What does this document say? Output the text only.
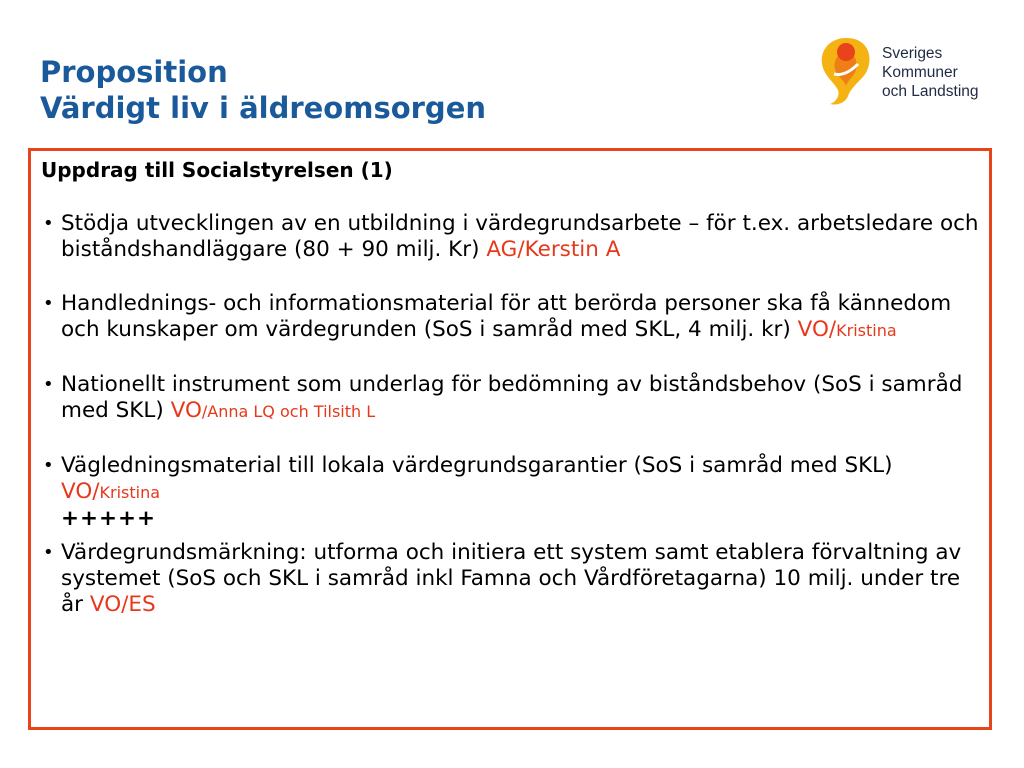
Proposition
Värdigt liv i äldreomsorgen
Sveriges
Kommuner
och Landsting
Uppdrag till Socialstyrelsen (1)
• Stödja utvecklingen av en utbildning i värdegrundsarbete – för t.ex. arbetsledare och biståndshandläggare (80 + 90 milj. Kr) AG/Kerstin A
• Handlednings- och informationsmaterial för att berörda personer ska få kännedom och kunskaper om värdegrunden (SoS i samråd med SKL, 4 milj. kr) VO/Kristina
• Nationellt instrument som underlag för bedömning av biståndsbehov (SoS i samråd med SKL) VO/Anna LQ och Tilsith L
• Vägledningsmaterial till lokala värdegrundsgarantier (SoS i samråd med SKL) VO/Kristina
+++++
• Värdegrundsmärkning: utforma och initiera ett system samt etablera förvaltning av systemet (SoS och SKL i samråd inkl Famna och Vårdföretagarna) 10 milj. under tre år VO/ES
